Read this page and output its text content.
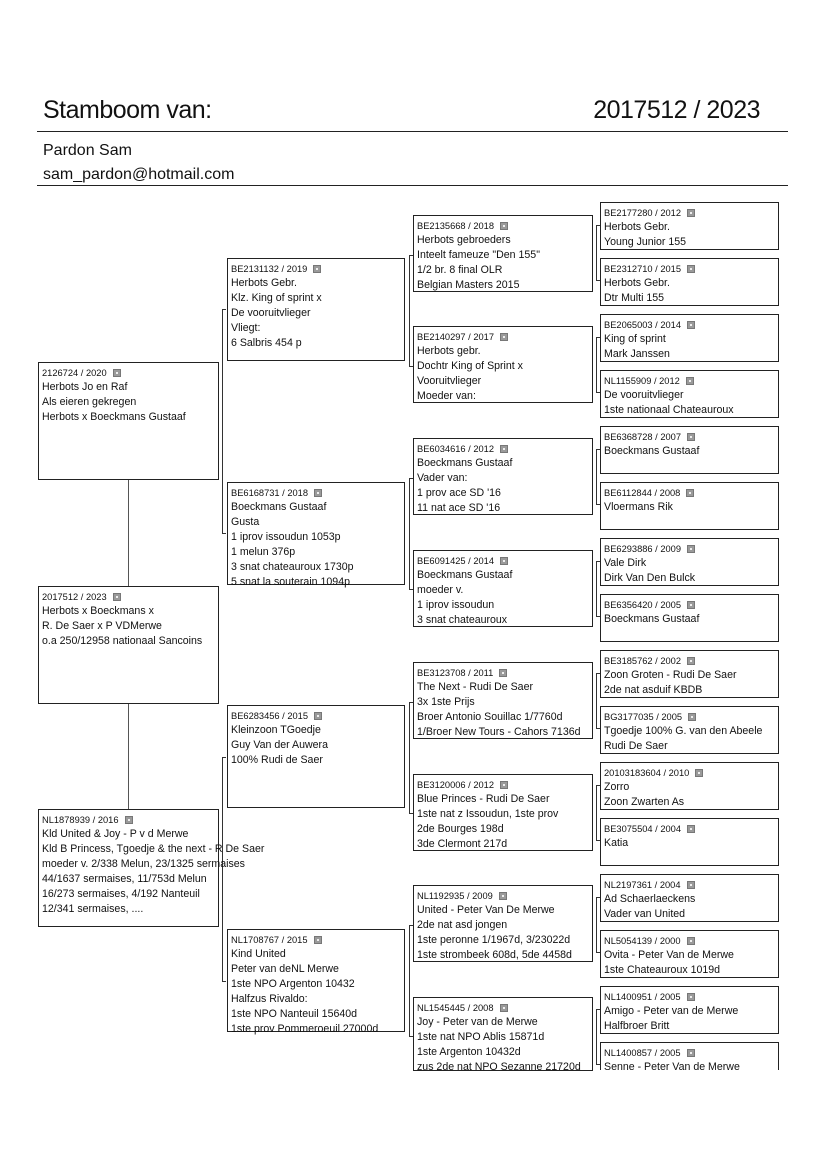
Stamboom van:	2017512 / 2023
Pardon Sam
sam_pardon@hotmail.com
2126724 / 2020
Herbots Jo en Raf
Als eieren gekregen
Herbots x Boeckmans Gustaaf
2017512 / 2023
Herbots x Boeckmans x
R. De Saer x P VDMerwe
o.a 250/12958 nationaal Sancoins
NL1878939 / 2016
Kld United & Joy - P v d Merwe
Kld B Princess, Tgoedje & the next - R De Saer
moeder v. 2/338 Melun, 23/1325 sermaises
44/1637 sermaises, 11/753d Melun
16/273 sermaises, 4/192 Nanteuil
12/341 sermaises, ....
BE2131132 / 2019
Herbots Gebr.
Klz. King of sprint x
De vooruitvlieger
Vliegt:
6 Salbris 454 p
BE6168731 / 2018
Boeckmans Gustaaf
Gusta
1 iprov issoudun 1053p
1 melun 376p
3 snat chateauroux 1730p
5 snat la souterain 1094p
BE6283456 / 2015
Kleinzoon TGoedje
Guy Van der Auwera
100% Rudi de Saer
NL1708767 / 2015
Kind United
Peter van deNL Merwe
1ste NPO Argenton 10432
Halfzus Rivaldo:
1ste NPO Nanteuil 15640d
1ste prov Pommeroeuil 27000d
BE2135668 / 2018
Herbots gebroeders
Inteelt fameuze "Den 155"
1/2 br. 8 final OLR
Belgian Masters 2015
BE2140297 / 2017
Herbots gebr.
Dochtr King of Sprint x
Vooruitvlieger
Moeder van:
BE6034616 / 2012
Boeckmans Gustaaf
Vader van:
1 prov ace SD '16
11 nat ace SD '16
BE6091425 / 2014
Boeckmans Gustaaf
moeder v.
1 iprov issoudun
3 snat chateauroux
BE3123708 / 2011
The Next - Rudi De Saer
3x 1ste Prijs
Broer Antonio Souillac 1/7760d
1/Broer New Tours - Cahors 7136d
BE3120006 / 2012
Blue Princes - Rudi De Saer
1ste nat z Issoudun, 1ste prov
2de Bourges 198d
3de Clermont 217d
NL1192935 / 2009
United - Peter Van De Merwe
2de nat asd jongen
1ste peronne 1/1967d, 3/23022d
1ste strombeek 608d, 5de 4458d
NL1545445 / 2008
Joy - Peter van de Merwe
1ste nat NPO Ablis 15871d
1ste Argenton 10432d
zus 2de nat NPO Sezanne 21720d
BE2177280 / 2012
Herbots Gebr.
Young Junior 155
BE2312710 / 2015
Herbots Gebr.
Dtr Multi 155
BE2065003 / 2014
King of sprint
Mark Janssen
NL1155909 / 2012
De vooruitvlieger
1ste nationaal Chateauroux
BE6368728 / 2007
Boeckmans Gustaaf
BE6112844 / 2008
Vloermans Rik
BE6293886 / 2009
Vale Dirk
Dirk Van Den Bulck
BE6356420 / 2005
Boeckmans Gustaaf
BE3185762 / 2002
Zoon Groten - Rudi De Saer
2de nat asduif KBDB
BG3177035 / 2005
Tgoedje 100% G. van den Abeele
Rudi De Saer
20103183604 / 2010
Zorro
Zoon Zwarten As
BE3075504 / 2004
Katia
NL2197361 / 2004
Ad Schaerlaeckens
Vader van United
NL5054139 / 2000
Ovita - Peter Van de Merwe
1ste Chateauroux 1019d
NL1400951 / 2005
Amigo - Peter van de Merwe
Halfbroer Britt
NL1400857 / 2005
Senne - Peter Van de Merwe
